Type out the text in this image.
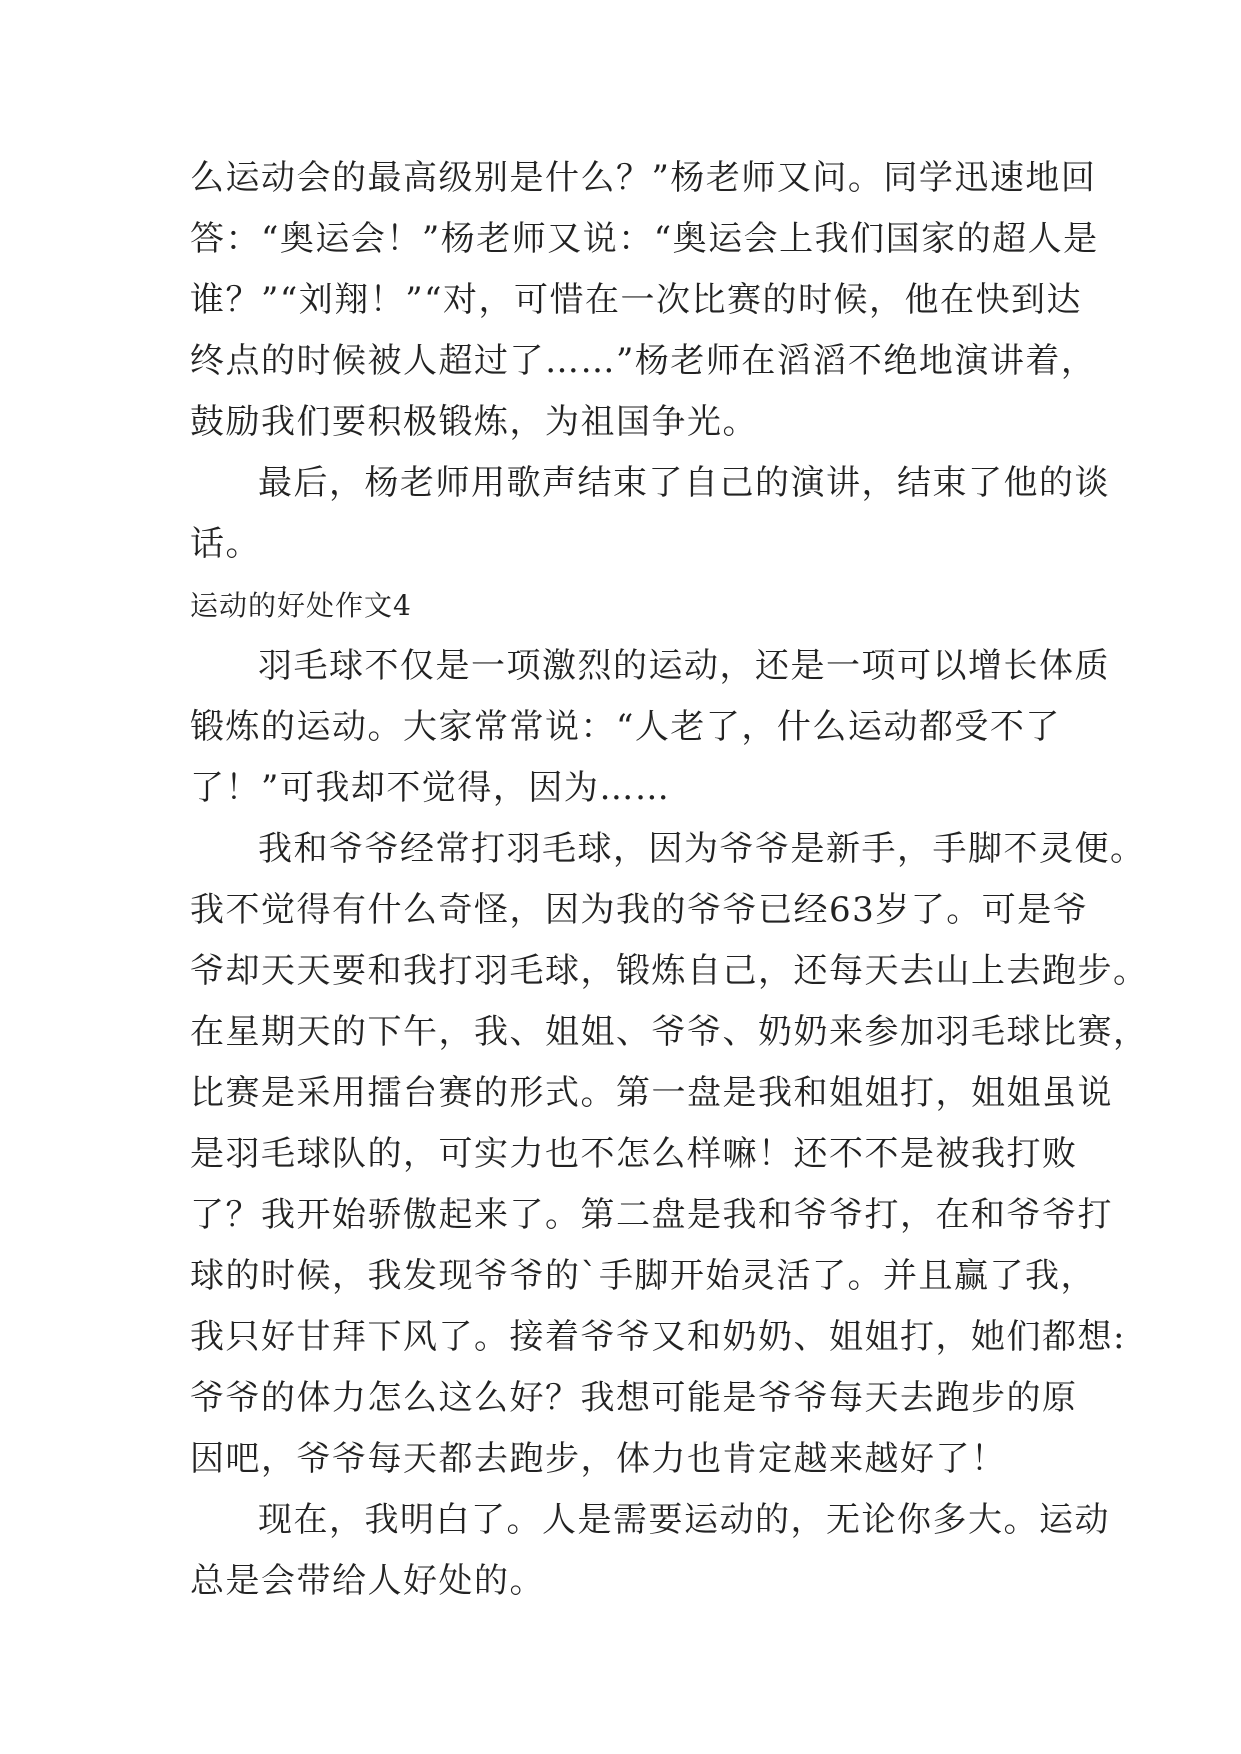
么运动会的最高级别是什么？”杨老师又问。同学迅速地回
答：“奥运会！”杨老师又说：“奥运会上我们国家的超人是
谁？”“刘翔！”“对，可惜在一次比赛的时候，他在快到达
终点的时候被人超过了……”杨老师在滔滔不绝地演讲着，
鼓励我们要积极锻炼，为祖国争光。
最后，杨老师用歌声结束了自己的演讲，结束了他的谈
话。
运动的好处作文4
羽毛球不仅是一项激烈的运动，还是一项可以增长体质
锻炼的运动。大家常常说：“人老了，什么运动都受不了
了！”可我却不觉得，因为……
我和爷爷经常打羽毛球，因为爷爷是新手，手脚不灵便。
我不觉得有什么奇怪，因为我的爷爷已经63岁了。可是爷
爷却天天要和我打羽毛球，锻炼自己，还每天去山上去跑步。
在星期天的下午，我、姐姐、爷爷、奶奶来参加羽毛球比赛，
比赛是采用擂台赛的形式。第一盘是我和姐姐打，姐姐虽说
是羽毛球队的，可实力也不怎么样嘛！还不不是被我打败
了？我开始骄傲起来了。第二盘是我和爷爷打，在和爷爷打
球的时候，我发现爷爷的`手脚开始灵活了。并且赢了我，
我只好甘拜下风了。接着爷爷又和奶奶、姐姐打，她们都想:
爷爷的体力怎么这么好？我想可能是爷爷每天去跑步的原
因吧，爷爷每天都去跑步，体力也肯定越来越好了！
现在，我明白了。人是需要运动的，无论你多大。运动
总是会带给人好处的。
